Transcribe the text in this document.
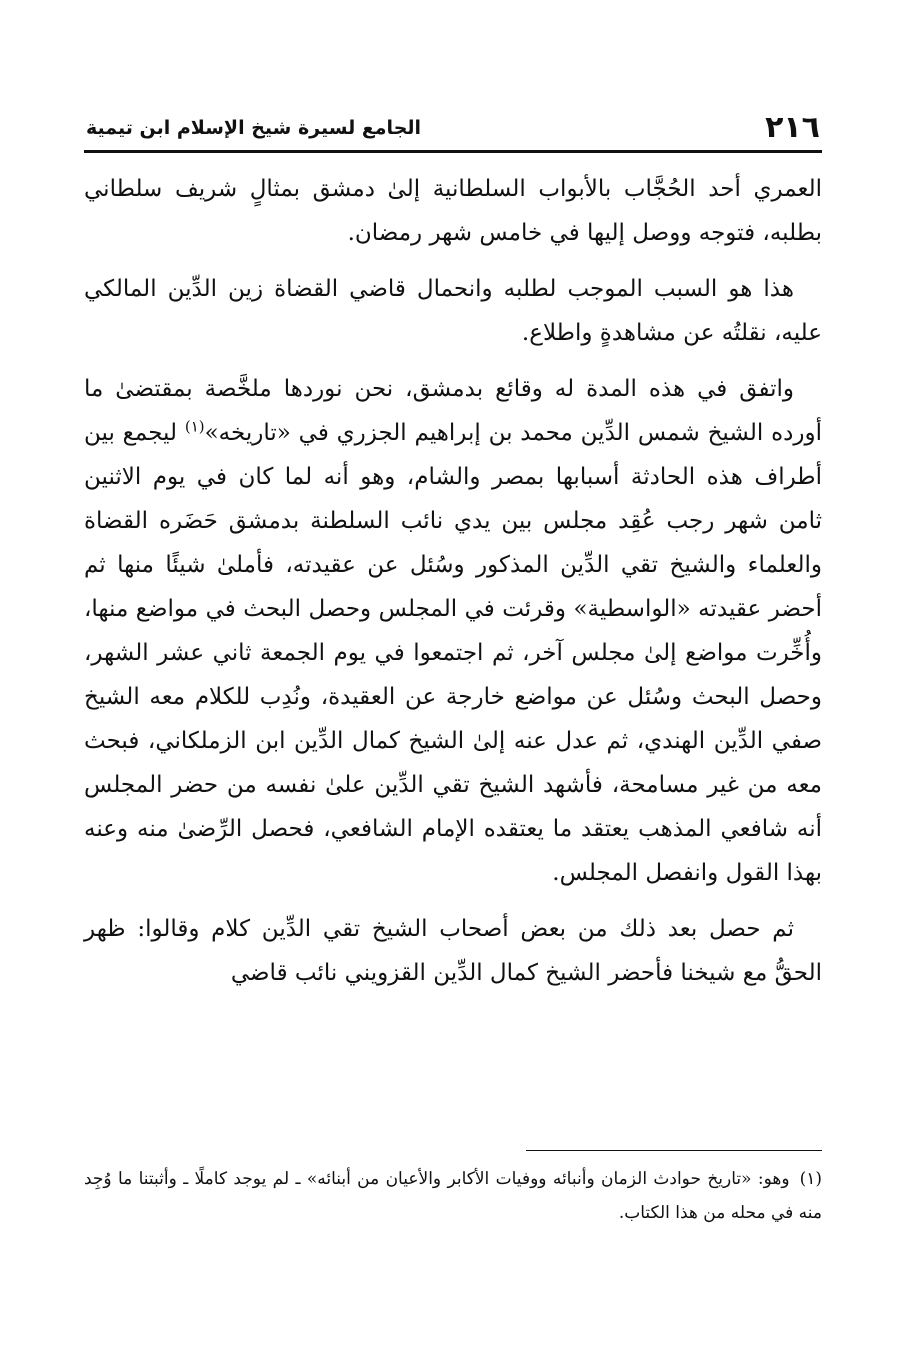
٢١٦
الجامع لسيرة شيخ الإسلام ابن تيمية

العمري أحد الحُجَّاب بالأبواب السلطانية إلىٰ دمشق بمثالٍ شريف سلطاني بطلبه، فتوجه ووصل إليها في خامس شهر رمضان.

هذا هو السبب الموجب لطلبه وانحمال قاضي القضاة زين الدِّين المالكي عليه، نقلتُه عن مشاهدةٍ واطلاع.

واتفق في هذه المدة له وقائع بدمشق، نحن نوردها ملخَّصة بمقتضىٰ ما أورده الشيخ شمس الدِّين محمد بن إبراهيم الجزري في «تاريخه»$^{(١)}$ ليجمع بين أطراف هذه الحادثة أسبابها بمصر والشام، وهو أنه لما كان في يوم الاثنين ثامن شهر رجب عُقِد مجلس بين يدي نائب السلطنة بدمشق حَضَره القضاة والعلماء والشيخ تقي الدِّين المذكور وسُئل عن عقيدته، فأملىٰ شيئًا منها ثم أحضر عقيدته «الواسطية» وقرئت في المجلس وحصل البحث في مواضع منها، وأُخِّرت مواضع إلىٰ مجلس آخر، ثم اجتمعوا في يوم الجمعة ثاني عشر الشهر، وحصل البحث وسُئل عن مواضع خارجة عن العقيدة، ونُدِب للكلام معه الشيخ صفي الدِّين الهندي، ثم عدل عنه إلىٰ الشيخ كمال الدِّين ابن الزملكاني، فبحث معه من غير مسامحة، فأشهد الشيخ تقي الدِّين علىٰ نفسه من حضر المجلس أنه شافعي المذهب يعتقد ما يعتقده الإمام الشافعي، فحصل الرِّضىٰ منه وعنه بهذا القول وانفصل المجلس.

ثم حصل بعد ذلك من بعض أصحاب الشيخ تقي الدِّين كلام وقالوا: ظهر الحقُّ مع شيخنا فأحضر الشيخ كمال الدِّين القزويني نائب قاضي

(١)وهو: «تاريخ حوادث الزمان وأنبائه ووفيات الأكابر والأعيان من أبنائه» ـ لم يوجد كاملًا ـ وأثبتنا ما وُجِد منه في محله من هذا الكتاب.
